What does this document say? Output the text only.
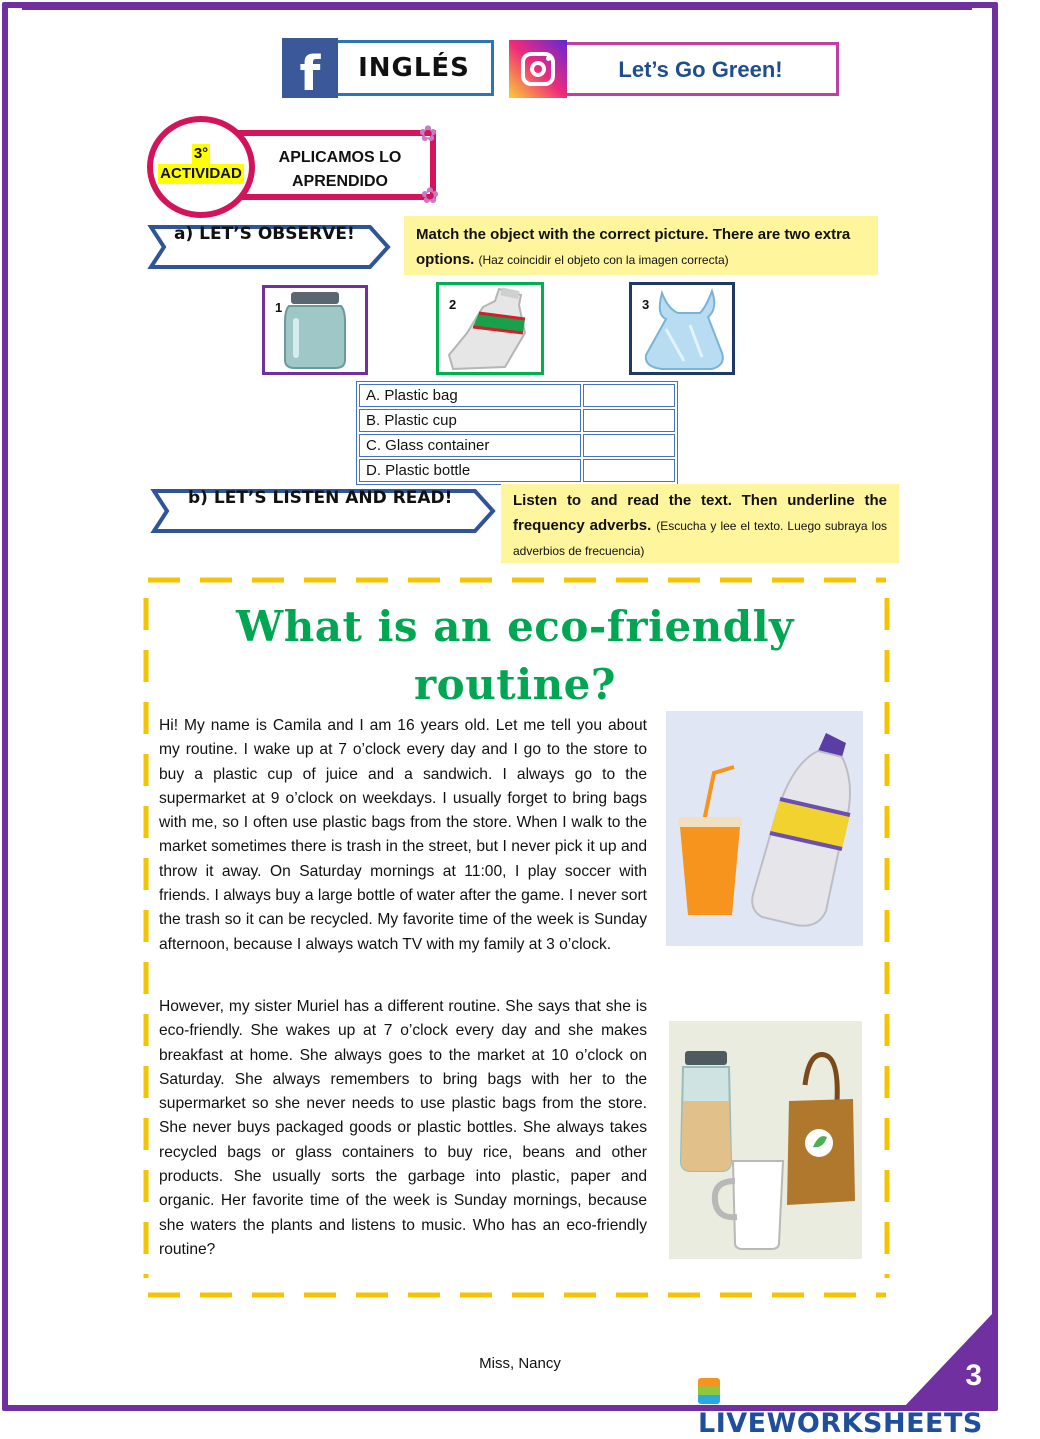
INGLÉS
f	Let’s Go Green!
APLICAMOS LO
APRENDIDO
3°
ACTIVIDAD
✿
✿
a) LET’S OBSERVE!	Match the object with the correct picture. There are two extra options. (Haz coincidir el objeto con la imagen correcta)
1	2	3
A. Plastic bag	
B. Plastic cup	
C. Glass container	
D. Plastic bottle	
b) LET’S LISTEN AND READ!	Listen to and read the text. Then underline the frequency adverbs. (Escucha y lee el texto. Luego subraya los adverbios de frecuencia)
What is an eco-friendly
routine?

Hi! My name is Camila and I am 16 years old. Let me tell you about my routine. I wake up at 7 o’clock every day and I go to the store to buy a plastic cup of juice and a sandwich. I always go to the supermarket at 9 o’clock on weekdays. I usually forget to bring bags with me, so I often use plastic bags from the store. When I walk to the market sometimes there is trash in the street, but I never pick it up and throw it away. On Saturday mornings at 11:00, I play soccer with friends. I always buy a large bottle of water after the game. I never sort the trash so it can be recycled. My favorite time of the week is Sunday afternoon, because I always watch TV with my family at 3 o’clock.

However, my sister Muriel has a different routine. She says that she is eco-friendly. She wakes up at 7 o’clock every day and she makes breakfast at home. She always goes to the market at 10 o’clock on Saturday. She always remembers to bring bags with her to the supermarket so she never needs to use plastic bags from the store. She never buys packaged goods or plastic bottles. She always takes recycled bags or glass containers to buy rice, beans and other products. She usually sorts the garbage into plastic, paper and organic. Her favorite time of the week is Sunday mornings, because she waters the plants and listens to music. Who has an eco-friendly routine?

Miss, Nancy	3
LIVEWORKSHEETS
